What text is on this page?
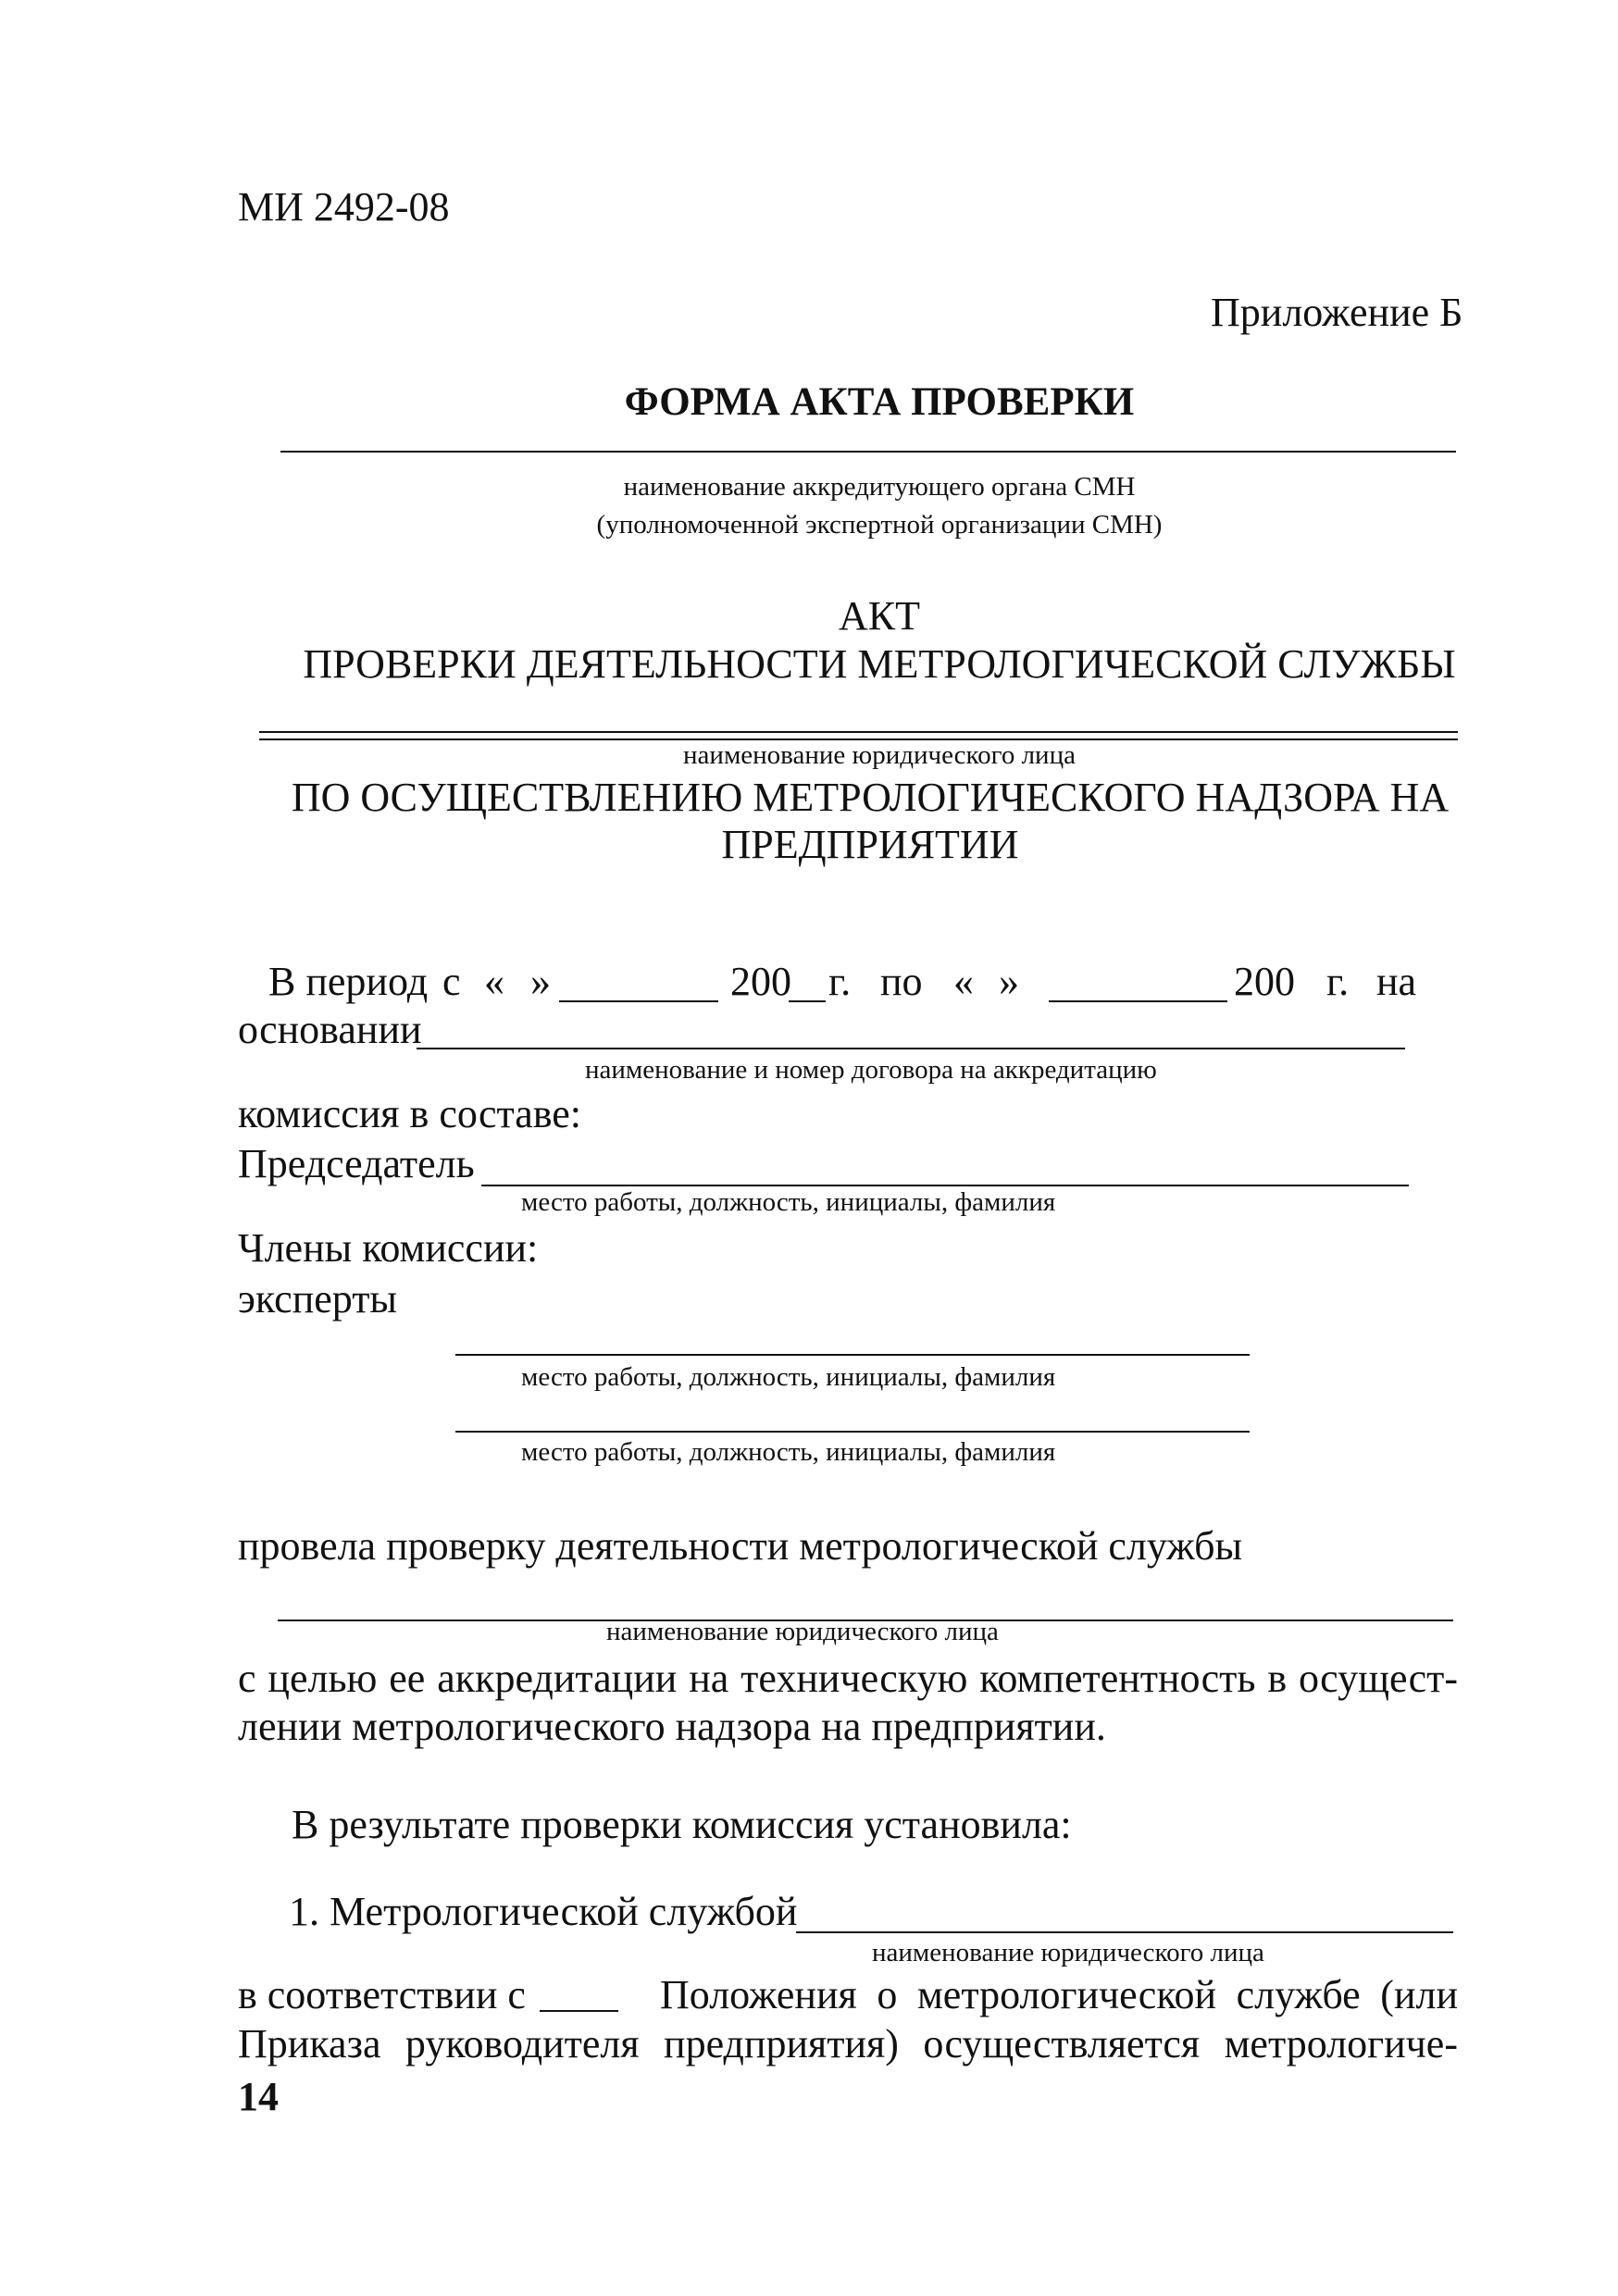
МИ 2492-08
Приложение Б
ФОРМА АКТА ПРОВЕРКИ
наименование аккредитующего органа СМН
(уполномоченной экспертной организации СМН)
АКТ
ПРОВЕРКИ ДЕЯТЕЛЬНОСТИ МЕТРОЛОГИЧЕСКОЙ СЛУЖБЫ
наименование юридического лица
ПО ОСУЩЕСТВЛЕНИЮ МЕТРОЛОГИЧЕСКОГО НАДЗОРА НА
ПРЕДПРИЯТИИ
В период с « »	200 г. по « »	200 г. на
основании
наименование и номер договора на аккредитацию
комиссия в составе:
Председатель
место работы, должность, инициалы, фамилия
Члены комиссии:
эксперты
место работы, должность, инициалы, фамилия
место работы, должность, инициалы, фамилия
провела проверку деятельности метрологической службы
наименование юридического лица
с целью ее аккредитации на техническую компетентность в осущест-
лении метрологического надзора на предприятии.
В результате проверки комиссия установила:
1. Метрологической службой
наименование юридического лица
в соответствии с	Положения о метрологической службе (или
Приказа руководителя предприятия) осуществляется метрологиче-
14
